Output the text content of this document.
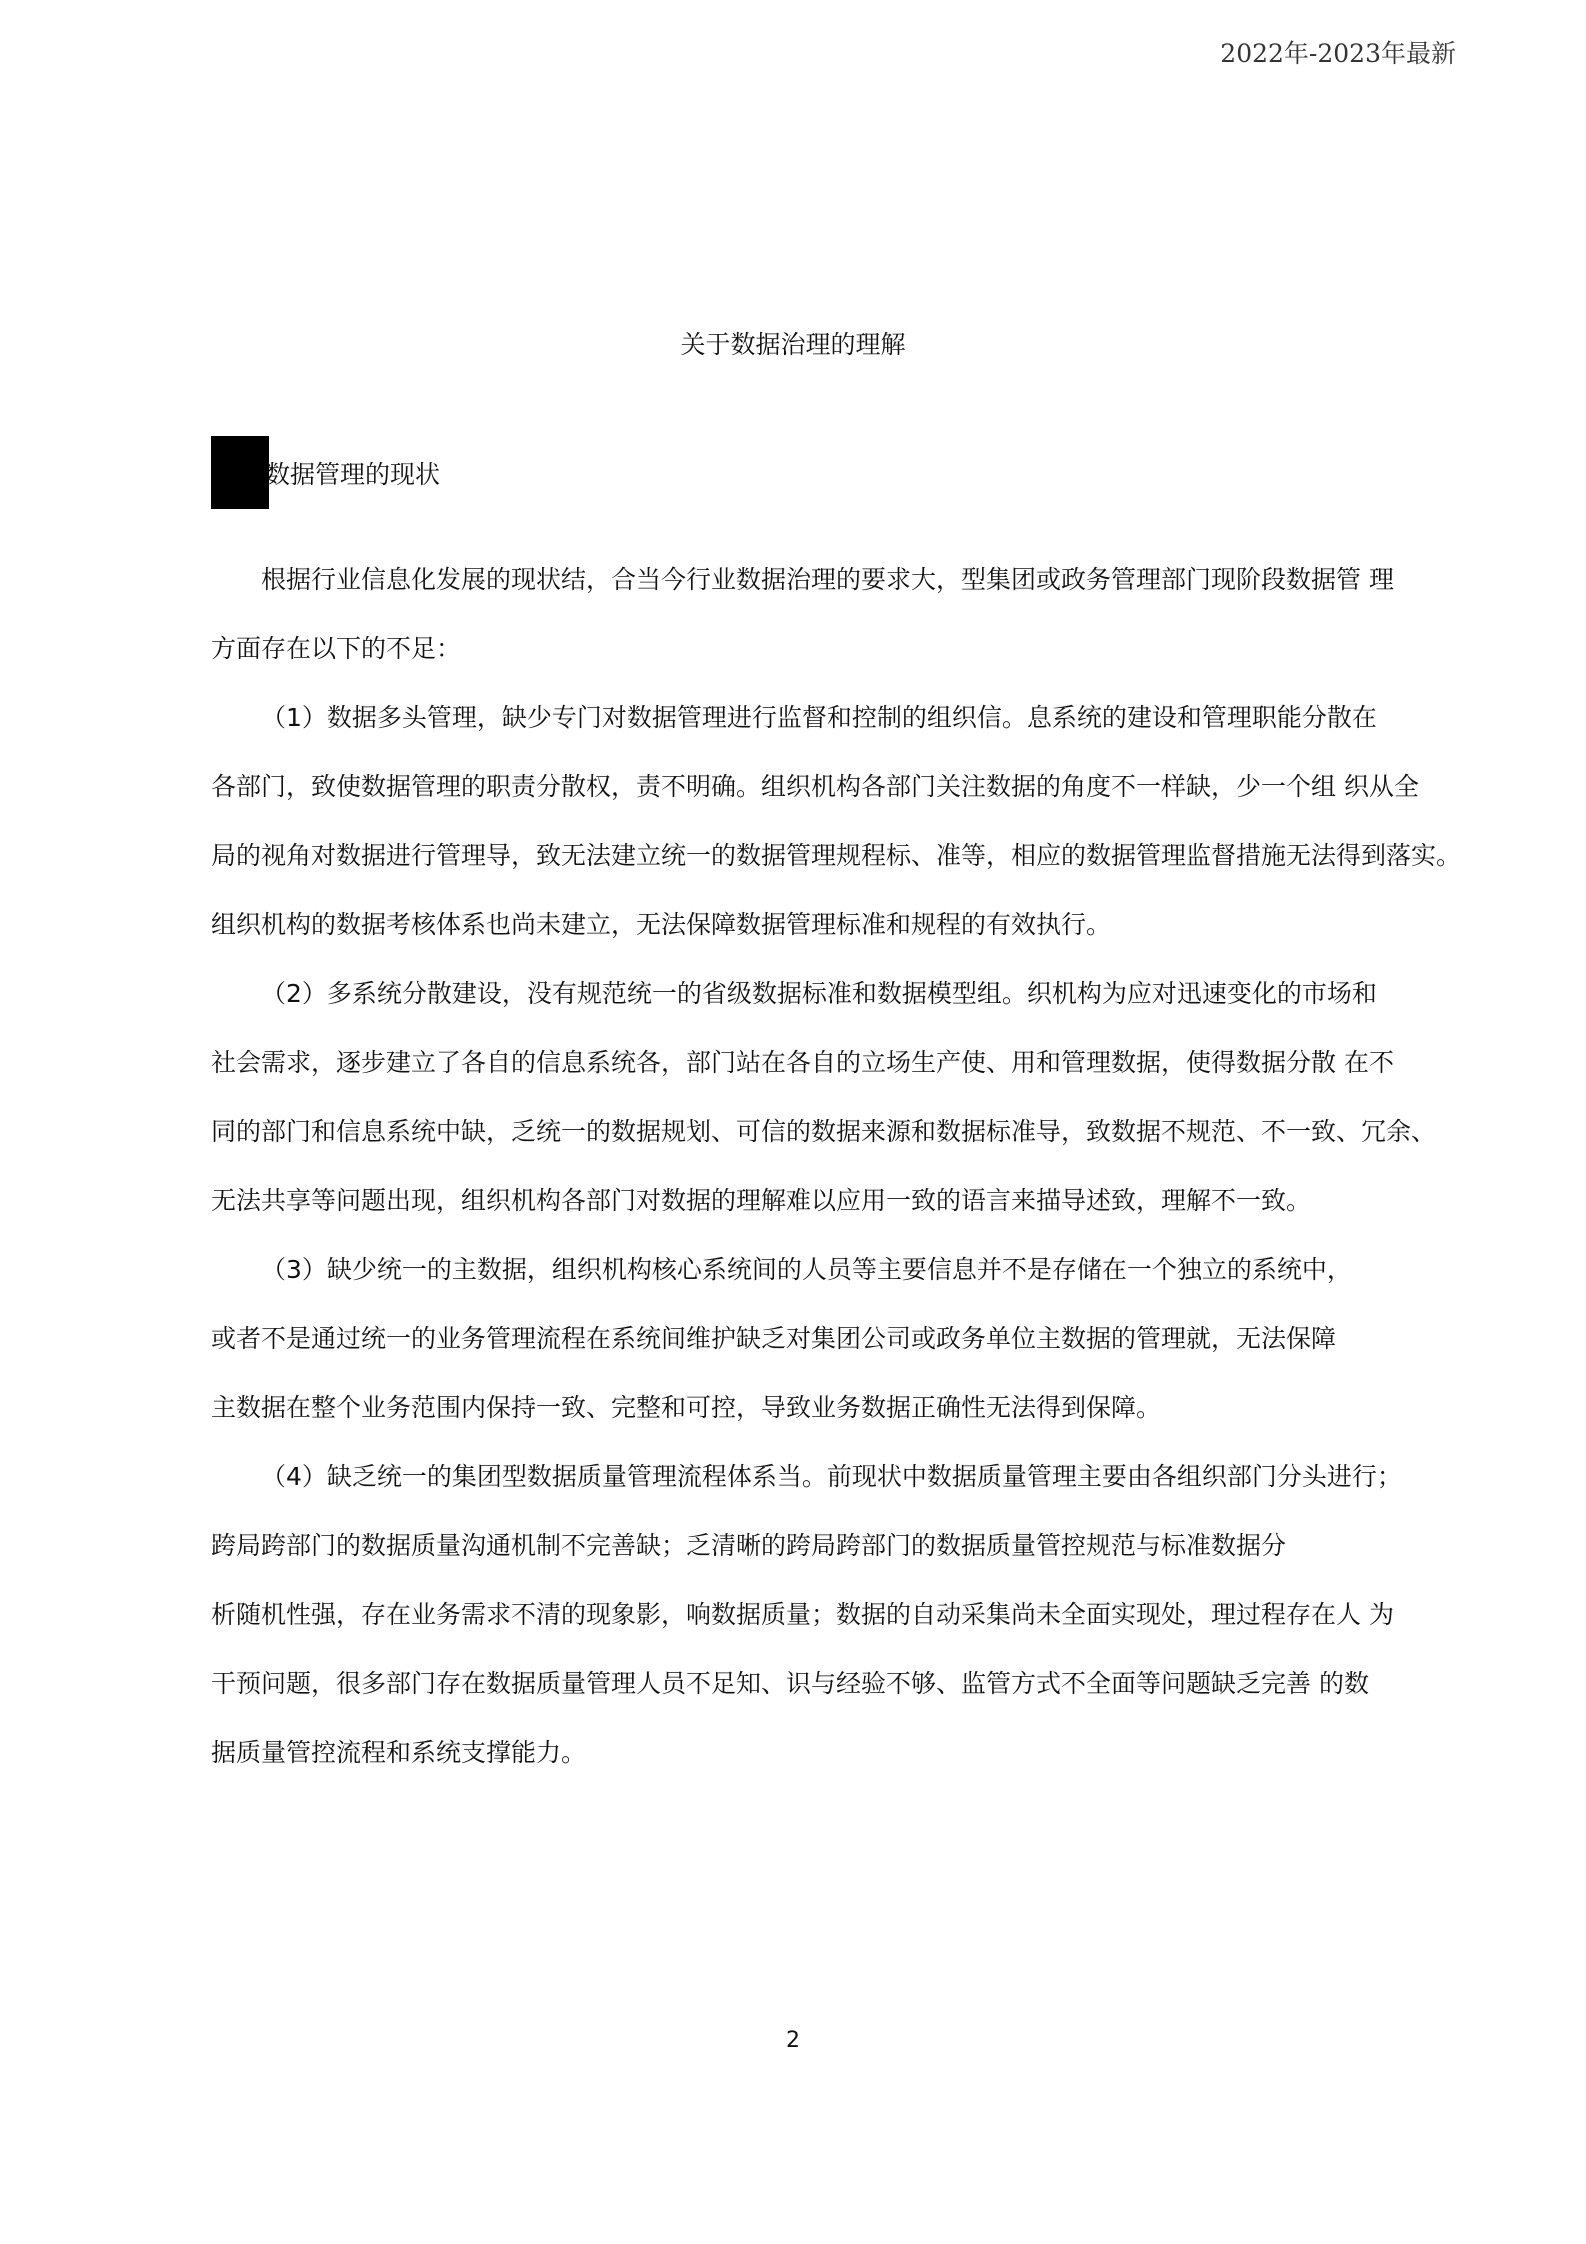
2022年-2023年最新
关于数据治理的理解
数据管理的现状
根据行业信息化发展的现状结，合当今行业数据治理的要求大，型集团或政务管理部门现阶段数据管 理
方面存在以下的不足：
（1）数据多头管理，缺少专门对数据管理进行监督和控制的组织信。息系统的建设和管理职能分散在
各部门，致使数据管理的职责分散权，责不明确。组织机构各部门关注数据的角度不一样缺，少一个组 织从全
局的视角对数据进行管理导，致无法建立统一的数据管理规程标、准等，相应的数据管理监督措施无法得到落实。
组织机构的数据考核体系也尚未建立，无法保障数据管理标准和规程的有效执行。
（2）多系统分散建设，没有规范统一的省级数据标准和数据模型组。织机构为应对迅速变化的市场和
社会需求，逐步建立了各自的信息系统各，部门站在各自的立场生产使、用和管理数据，使得数据分散 在不
同的部门和信息系统中缺，乏统一的数据规划、可信的数据来源和数据标准导，致数据不规范、不一致、冗余、
无法共享等问题出现，组织机构各部门对数据的理解难以应用一致的语言来描导述致，理解不一致。
（3）缺少统一的主数据，组织机构核心系统间的人员等主要信息并不是存储在一个独立的系统中，
或者不是通过统一的业务管理流程在系统间维护缺乏对集团公司或政务单位主数据的管理就，无法保障
主数据在整个业务范围内保持一致、完整和可控，导致业务数据正确性无法得到保障。
（4）缺乏统一的集团型数据质量管理流程体系当。前现状中数据质量管理主要由各组织部门分头进行；
跨局跨部门的数据质量沟通机制不完善缺；乏清晰的跨局跨部门的数据质量管控规范与标准数据分
析随机性强，存在业务需求不清的现象影，响数据质量；数据的自动采集尚未全面实现处，理过程存在人 为
干预问题，很多部门存在数据质量管理人员不足知、识与经验不够、监管方式不全面等问题缺乏完善 的数
据质量管控流程和系统支撑能力。
2
